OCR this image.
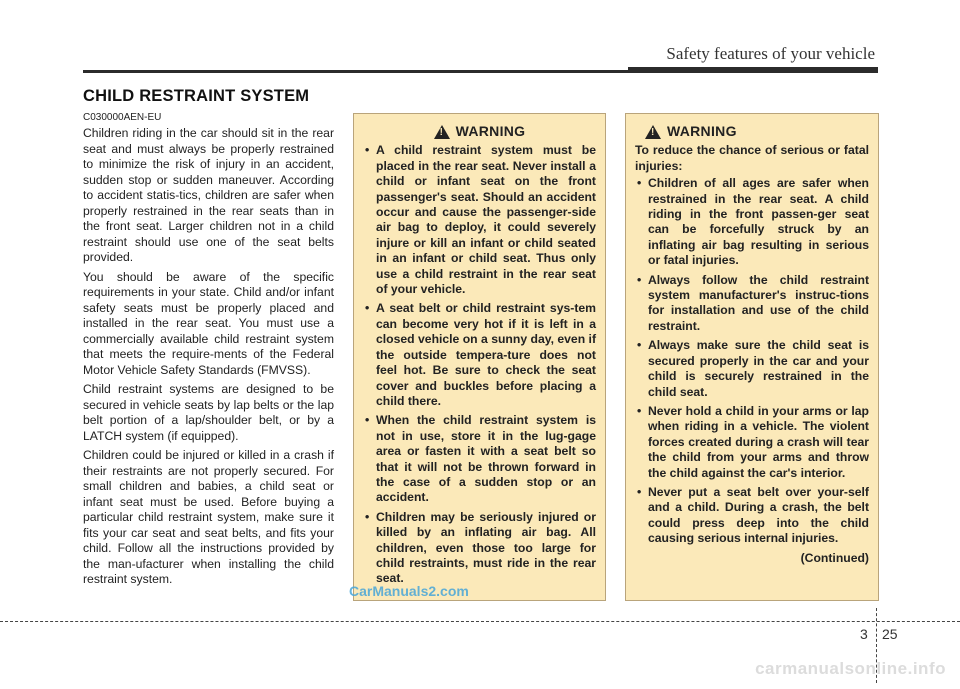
Safety features of your vehicle
CHILD RESTRAINT SYSTEM
C030000AEN-EU

Children riding in the car should sit in the rear seat and must always be properly restrained to minimize the risk of injury in an accident, sudden stop or sudden maneuver. According to accident statis-tics, children are safer when properly restrained in the rear seats than in the front seat. Larger children not in a child restraint should use one of the seat belts provided.

You should be aware of the specific requirements in your state. Child and/or infant safety seats must be properly placed and installed in the rear seat. You must use a commercially available child restraint system that meets the require-ments of the Federal Motor Vehicle Safety Standards (FMVSS).

Child restraint systems are designed to be secured in vehicle seats by lap belts or the lap belt portion of a lap/shoulder belt, or by a LATCH system (if equipped).

Children could be injured or killed in a crash if their restraints are not properly secured. For small children and babies, a child seat or infant seat must be used. Before buying a particular child restraint system, make sure it fits your car seat and seat belts, and fits your child. Follow all the instructions provided by the man-ufacturer when installing the child restraint system.

!
WARNING
• A child restraint system must be placed in the rear seat. Never install a child or infant seat on the front passenger's seat. Should an accident occur and cause the passenger-side air bag to deploy, it could severely injure or kill an infant or child seated in an infant or child seat. Thus only use a child restraint in the rear seat of your vehicle.
• A seat belt or child restraint sys-tem can become very hot if it is left in a closed vehicle on a sunny day, even if the outside tempera-ture does not feel hot. Be sure to check the seat cover and buckles before placing a child there.
• When the child restraint system is not in use, store it in the lug-gage area or fasten it with a seat belt so that it will not be thrown forward in the case of a sudden stop or an accident.
• Children may be seriously injured or killed by an inflating air bag. All children, even those too large for child restraints, must ride in the rear seat.
!
WARNING
To reduce the chance of serious or fatal injuries:
• Children of all ages are safer when restrained in the rear seat. A child riding in the front passen-ger seat can be forcefully struck by an inflating air bag resulting in serious or fatal injuries.
• Always follow the child restraint system manufacturer's instruc-tions for installation and use of the child restraint.
• Always make sure the child seat is secured properly in the car and your child is securely restrained in the child seat.
• Never hold a child in your arms or lap when riding in a vehicle. The violent forces created during a crash will tear the child from your arms and throw the child against the car's interior.
• Never put a seat belt over your-self and a child. During a crash, the belt could press deep into the child causing serious internal injuries.
(Continued)
CarManuals2.com
3 25
carmanualsonline.info
